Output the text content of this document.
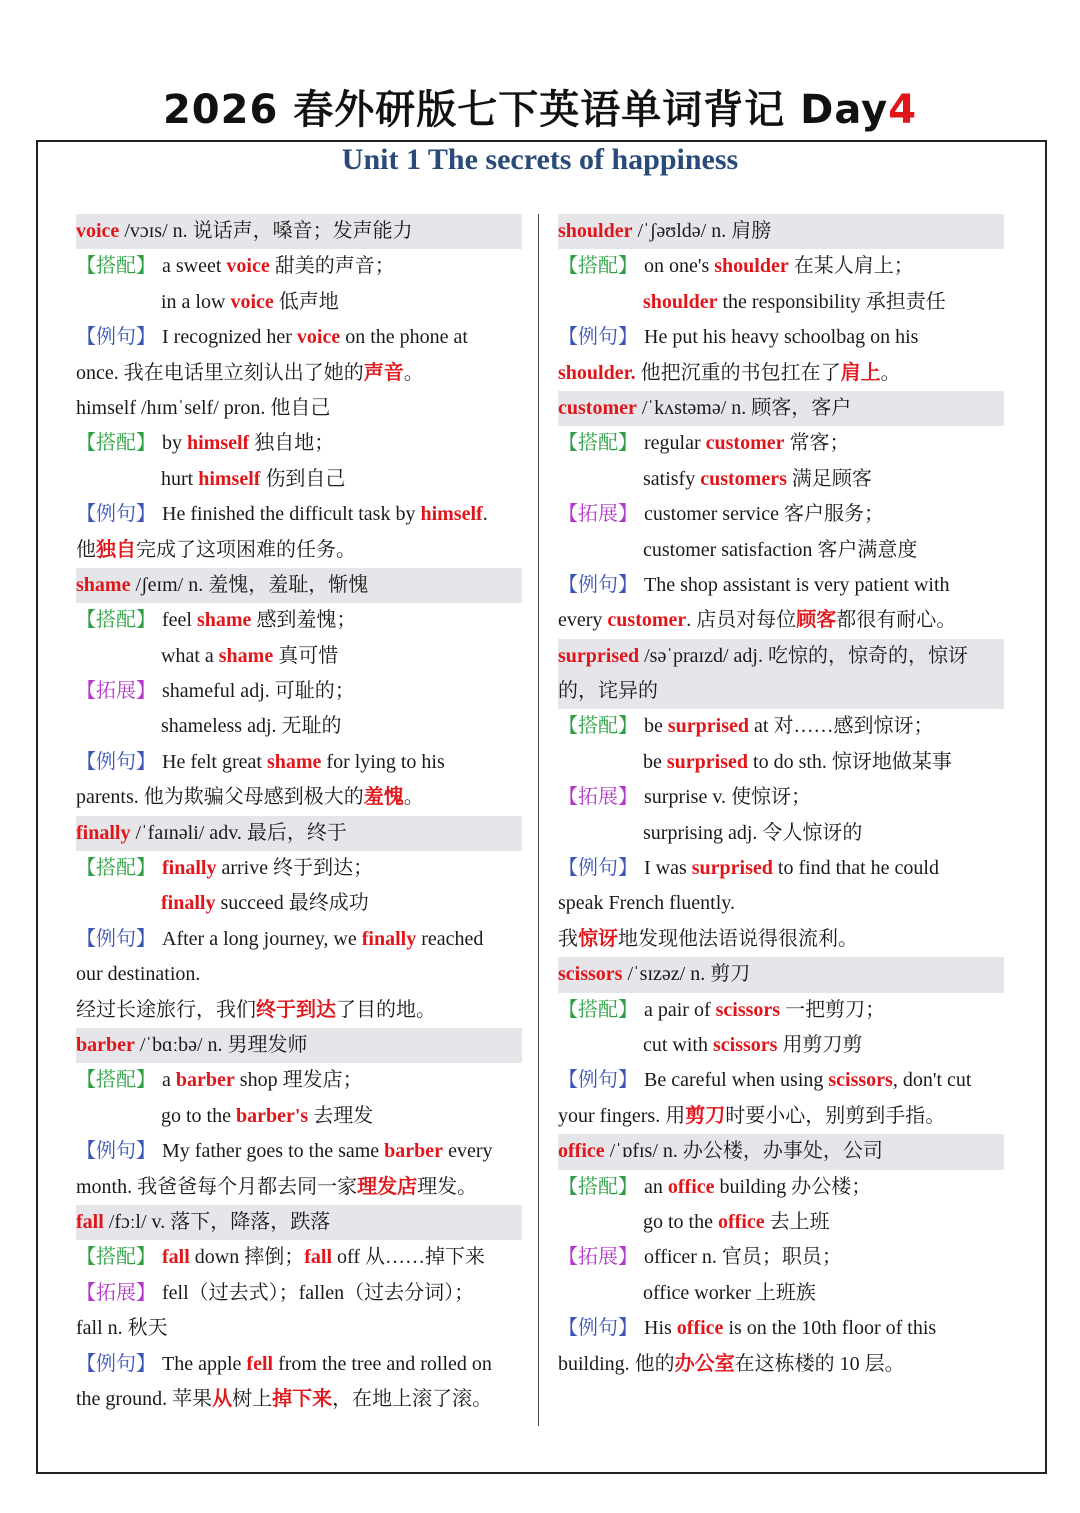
2026 春外研版七下英语单词背记 Day4
Unit 1 The secrets of happiness
voice /vɔɪs/ n. 说话声，嗓音；发声能力
【搭配】 a sweet voice 甜美的声音；
in a low voice 低声地
【例句】 I recognized her voice on the phone at
once. 我在电话里立刻认出了她的声音。
himself /hɪmˈself/ pron. 他自己
【搭配】 by himself 独自地；
hurt himself 伤到自己
【例句】 He finished the difficult task by himself.
他独自完成了这项困难的任务。
shame /ʃeɪm/ n. 羞愧，羞耻，惭愧
【搭配】 feel shame 感到羞愧；
what a shame 真可惜
【拓展】 shameful adj. 可耻的；
shameless adj. 无耻的
【例句】 He felt great shame for lying to his
parents. 他为欺骗父母感到极大的羞愧。
finally /ˈfaɪnəli/ adv. 最后，终于
【搭配】 finally arrive 终于到达；
finally succeed 最终成功
【例句】 After a long journey, we finally reached
our destination.
经过长途旅行，我们终于到达了目的地。
barber /ˈbɑːbə/ n. 男理发师
【搭配】 a barber shop 理发店；
go to the barber's 去理发
【例句】 My father goes to the same barber every
month. 我爸爸每个月都去同一家理发店理发。
fall /fɔːl/ v. 落下，降落，跌落
【搭配】 fall down 摔倒；fall off 从……掉下来
【拓展】 fell（过去式）；fallen（过去分词）；
fall n. 秋天
【例句】 The apple fell from the tree and rolled on
the ground. 苹果从树上掉下来，在地上滚了滚。
shoulder /ˈʃəʊldə/ n. 肩膀
【搭配】 on one's shoulder 在某人肩上；
shoulder the responsibility 承担责任
【例句】 He put his heavy schoolbag on his
shoulder. 他把沉重的书包扛在了肩上。
customer /ˈkʌstəmə/ n. 顾客，客户
【搭配】 regular customer 常客；
satisfy customers 满足顾客
【拓展】 customer service 客户服务；
customer satisfaction 客户满意度
【例句】 The shop assistant is very patient with
every customer. 店员对每位顾客都很有耐心。
surprised /səˈpraɪzd/ adj. 吃惊的，惊奇的，惊讶
的，诧异的
【搭配】 be surprised at 对……感到惊讶；
be surprised to do sth. 惊讶地做某事
【拓展】 surprise v. 使惊讶；
surprising adj. 令人惊讶的
【例句】 I was surprised to find that he could
speak French fluently.
我惊讶地发现他法语说得很流利。
scissors /ˈsɪzəz/ n. 剪刀
【搭配】 a pair of scissors 一把剪刀；
cut with scissors 用剪刀剪
【例句】 Be careful when using scissors, don't cut
your fingers. 用剪刀时要小心，别剪到手指。
office /ˈɒfɪs/ n. 办公楼，办事处，公司
【搭配】 an office building 办公楼；
go to the office 去上班
【拓展】 officer n. 官员；职员；
office worker 上班族
【例句】 His office is on the 10th floor of this
building. 他的办公室在这栋楼的 10 层。
